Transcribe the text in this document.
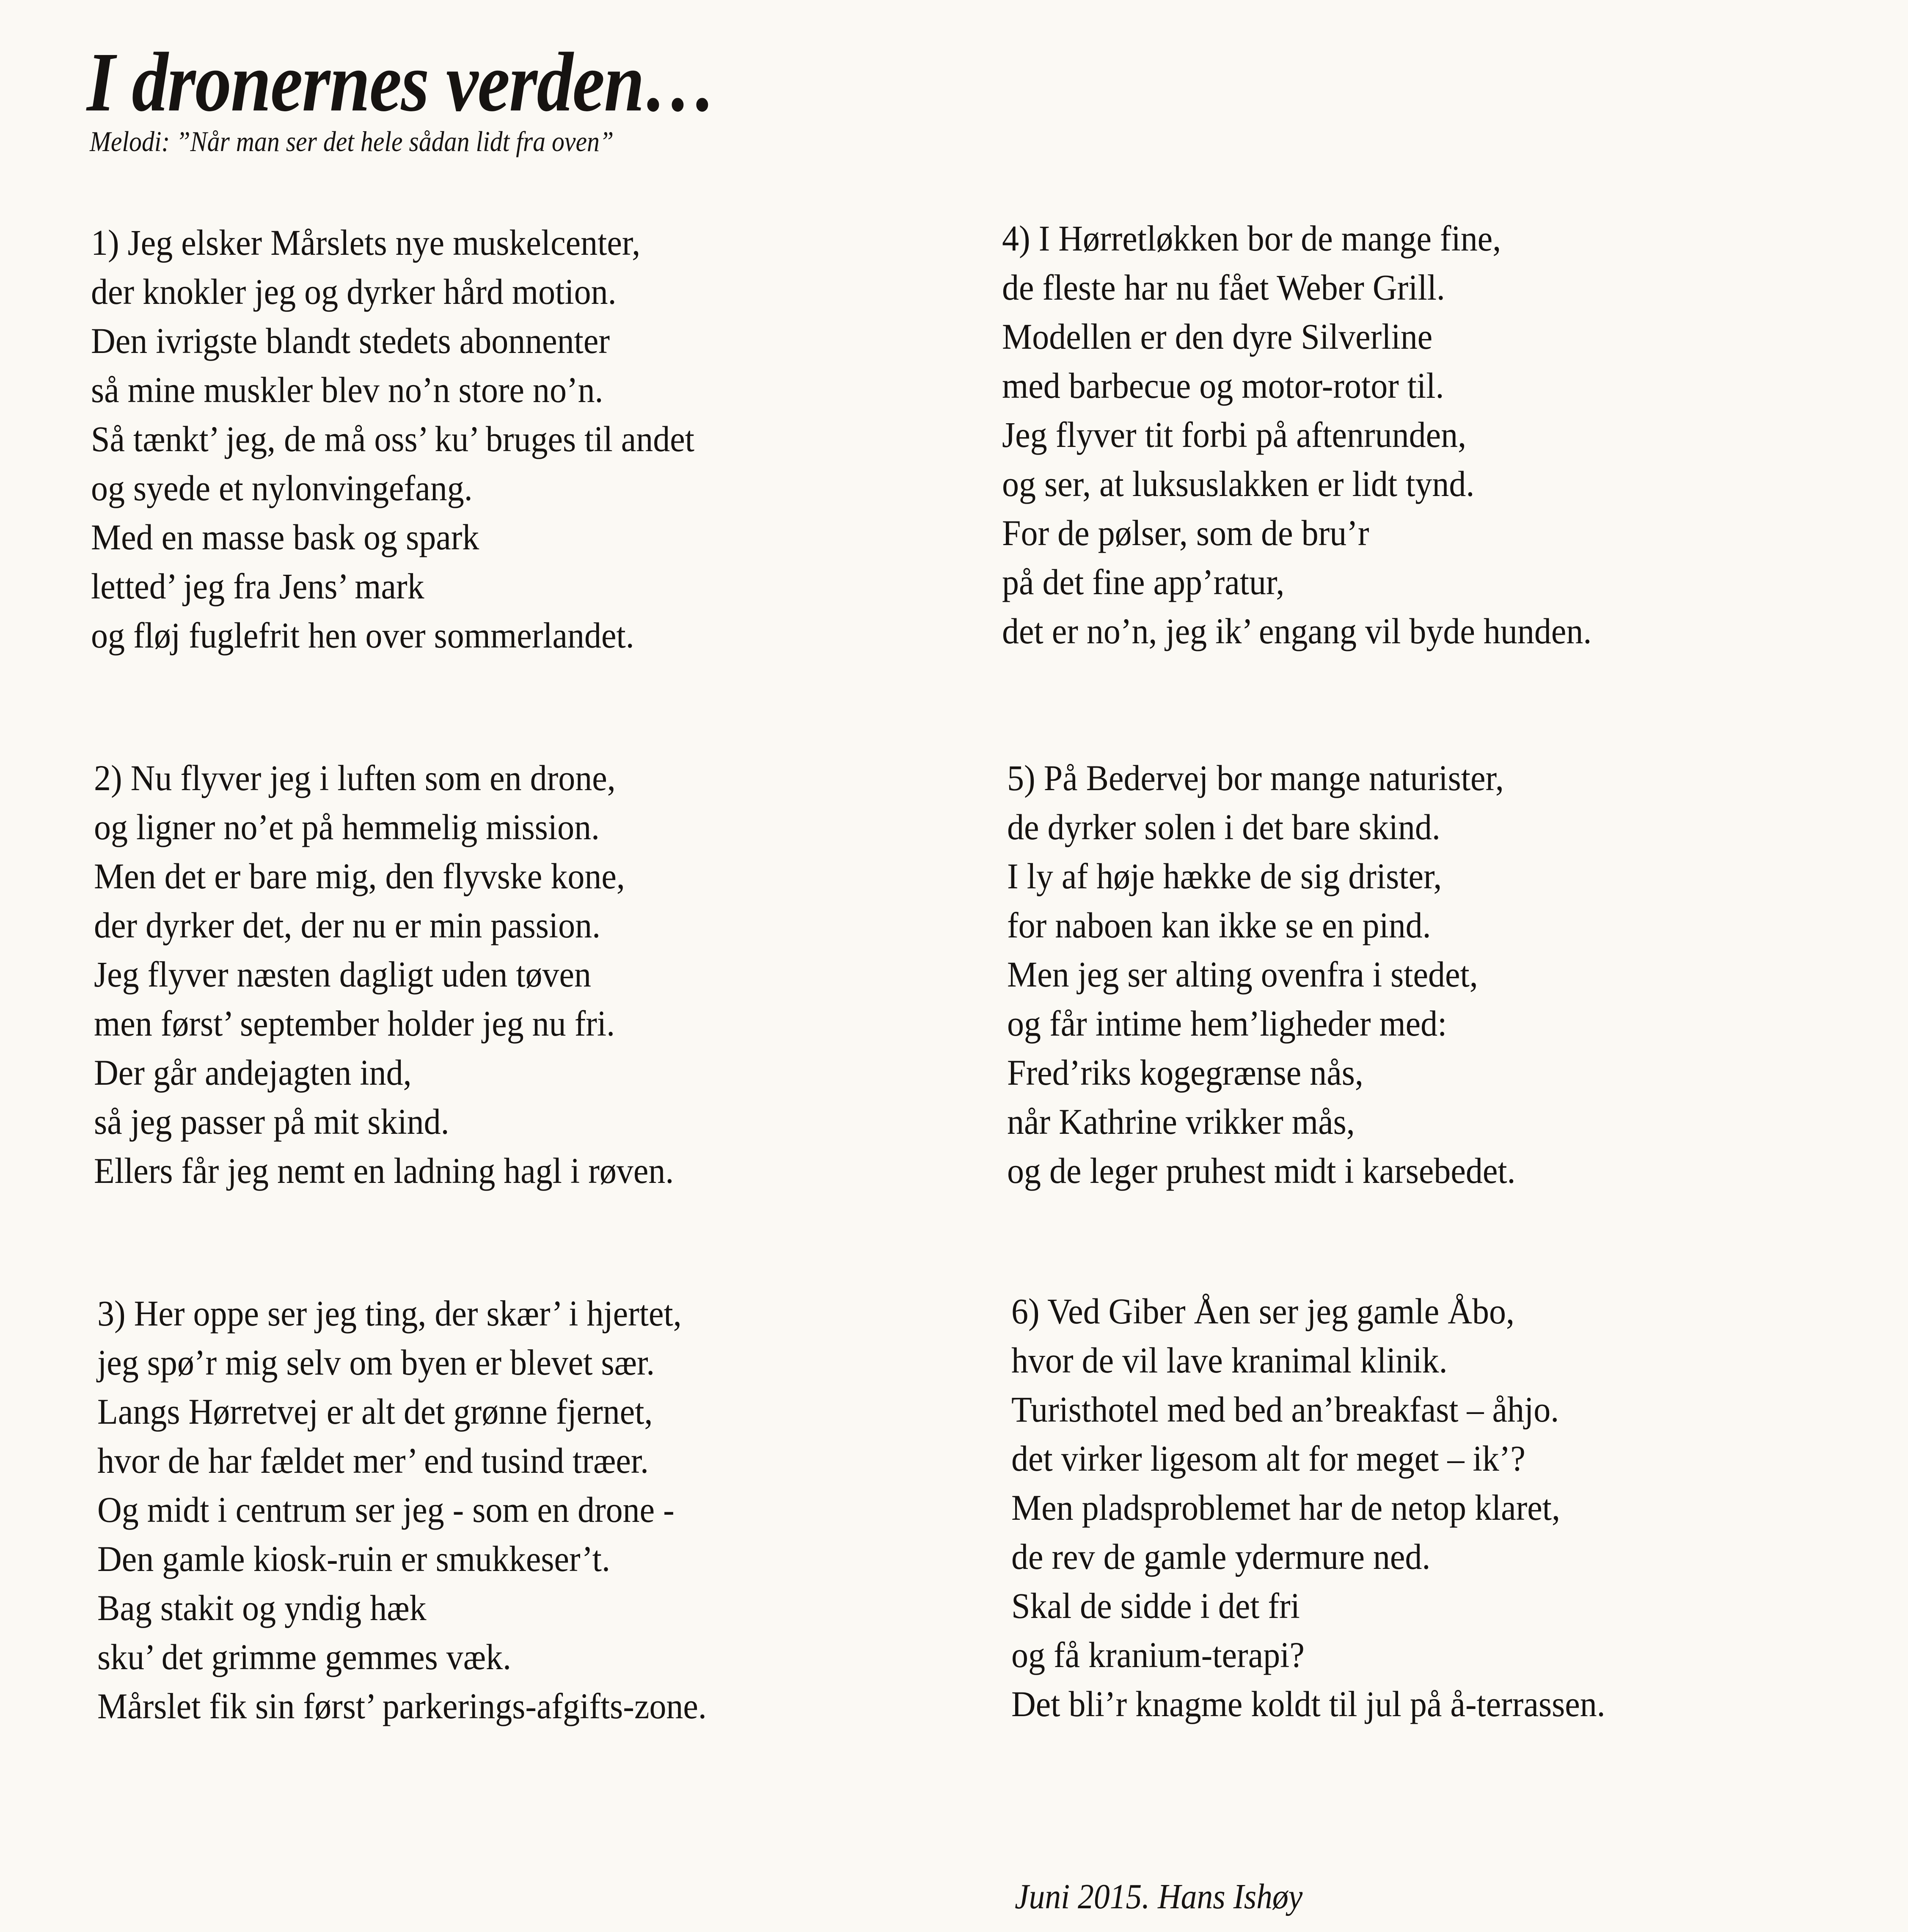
I dronernes verden…
Melodi: ”Når man ser det hele sådan lidt fra oven”
1) Jeg elsker Mårslets nye muskelcenter,
der knokler jeg og dyrker hård motion.
Den ivrigste blandt stedets abonnenter
så mine muskler blev no’n store no’n.
Så tænkt’ jeg, de må oss’ ku’ bruges til andet
og syede et nylonvingefang.
Med en masse bask og spark
letted’ jeg fra Jens’ mark
og fløj fuglefrit hen over sommerlandet.
2) Nu flyver jeg i luften som en drone,
og ligner no’et på hemmelig mission.
Men det er bare mig, den flyvske kone,
der dyrker det, der nu er min passion.
Jeg flyver næsten dagligt uden tøven
men først’ september holder jeg nu fri.
Der går andejagten ind,
så jeg passer på mit skind.
Ellers får jeg nemt en ladning hagl i røven.
3) Her oppe ser jeg ting, der skær’ i hjertet,
jeg spø’r mig selv om byen er blevet sær.
Langs Hørretvej er alt det grønne fjernet,
hvor de har fældet mer’ end tusind træer.
Og midt i centrum ser jeg - som en drone -
Den gamle kiosk-ruin er smukkeser’t.
Bag stakit og yndig hæk
sku’ det grimme gemmes væk.
Mårslet fik sin først’ parkerings-afgifts-zone.
4) I Hørretløkken bor de mange fine,
de fleste har nu fået Weber Grill.
Modellen er den dyre Silverline
med barbecue og motor-rotor til.
Jeg flyver tit forbi på aftenrunden,
og ser, at luksuslakken er lidt tynd.
For de pølser, som de bru’r
på det fine app’ratur,
det er no’n, jeg ik’ engang vil byde hunden.
5) På Bedervej bor mange naturister,
de dyrker solen i det bare skind.
I ly af høje hække de sig drister,
for naboen kan ikke se en pind.
Men jeg ser alting ovenfra i stedet,
og får intime hem’ligheder med:
Fred’riks kogegrænse nås,
når Kathrine vrikker mås,
og de leger pruhest midt i karsebedet.
6) Ved Giber Åen ser jeg gamle Åbo,
hvor de vil lave kranimal klinik.
Turisthotel med bed an’breakfast – åhjo.
det virker ligesom alt for meget – ik’?
Men pladsproblemet har de netop klaret,
de rev de gamle ydermure ned.
Skal de sidde i det fri
og få kranium-terapi?
Det bli’r knagme koldt til jul på å-terrassen.
Juni 2015. Hans Ishøy
